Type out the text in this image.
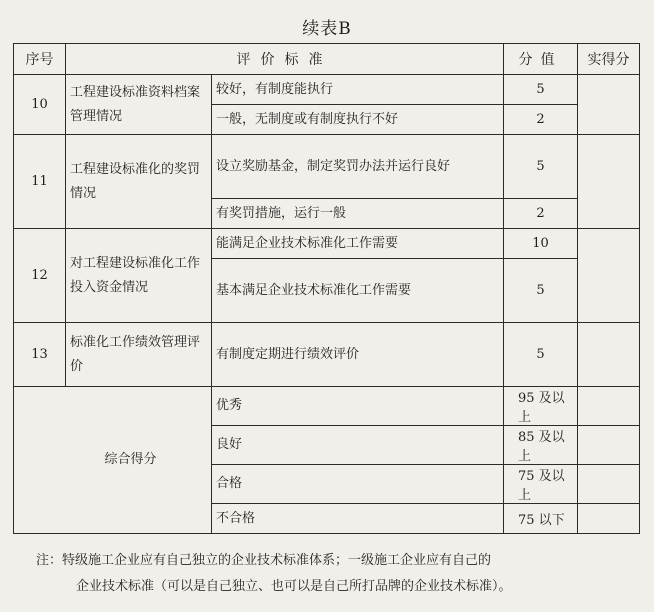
续表B
序号	评价标准		分值	实得分
10	工程建设标准资料档案管理情况	较好，有制度能执行	5	
		一般，无制度或有制度执行不好	2	
11	工程建设标准化的奖罚情况	设立奖励基金，制定奖罚办法并运行良好	5	
		有奖罚措施，运行一般	2	
12	对工程建设标准化工作投入资金情况	能满足企业技术标准化工作需要	10	
		基本满足企业技术标准化工作需要	5	
13	标准化工作绩效管理评价	有制度定期进行绩效评价	5	
综合得分		优秀	95 及以上	
		良好	85 及以上	
		合格	75 及以上	
		不合格	75 以下	
注：特级施工企业应有自己独立的企业技术标准体系；一级施工企业应有自己的
企业技术标准（可以是自己独立、也可以是自己所打品牌的企业技术标准）。
